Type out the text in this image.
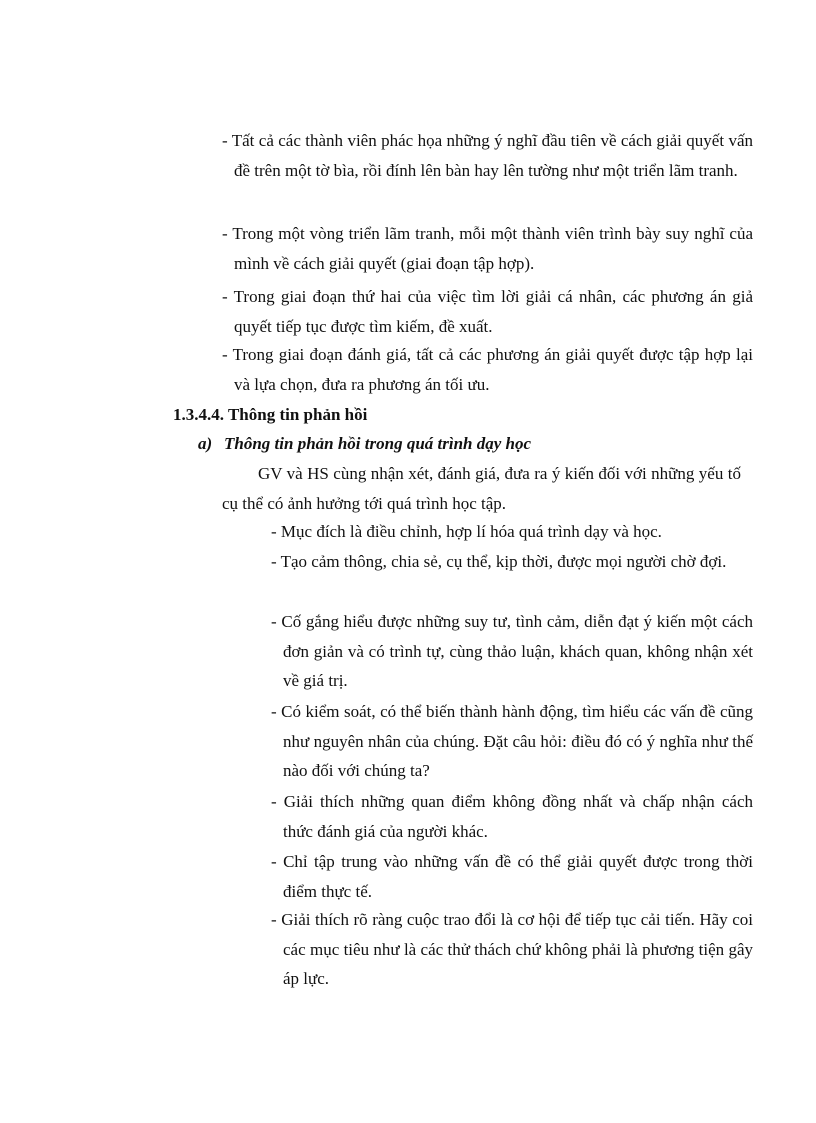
- Tất cả các thành viên phác họa những ý nghĩ đầu tiên về cách giải quyết vấn đề trên một tờ bìa, rồi đính lên bàn hay lên tường như một triển lãm tranh.

- Trong một vòng triển lãm tranh, mỗi một thành viên trình bày suy nghĩ của mình về cách giải quyết (giai đoạn tập hợp).

- Trong giai đoạn thứ hai của việc tìm lời giải cá nhân, các phương án giả quyết tiếp tục được tìm kiếm, đề xuất.

- Trong giai đoạn đánh giá, tất cả các phương án giải quyết được tập hợp lại và lựa chọn, đưa ra phương án tối ưu.

1.3.4.4. Thông tin phản hồi
a) Thông tin phản hồi trong quá trình dạy học

GV và HS cùng nhận xét, đánh giá, đưa ra ý kiến đối với những yếu tố cụ thể có ảnh hưởng tới quá trình học tập.

- Mục đích là điều chỉnh, hợp lí hóa quá trình dạy và học.

- Tạo cảm thông, chia sẻ, cụ thể, kịp thời, được mọi người chờ đợi.

- Cố gắng hiểu được những suy tư, tình cảm, diễn đạt ý kiến một cách đơn giản và có trình tự, cùng thảo luận, khách quan, không nhận xét về giá trị.

- Có kiểm soát, có thể biến thành hành động, tìm hiểu các vấn đề cũng như nguyên nhân của chúng. Đặt câu hỏi: điều đó có ý nghĩa như thế nào đối với chúng ta?

- Giải thích những quan điểm không đồng nhất và chấp nhận cách thức đánh giá của người khác.

- Chỉ tập trung vào những vấn đề có thể giải quyết được trong thời điểm thực tế.

- Giải thích rõ ràng cuộc trao đổi là cơ hội để tiếp tục cải tiến. Hãy coi các mục tiêu như là các thử thách chứ không phải là phương tiện gây áp lực.
